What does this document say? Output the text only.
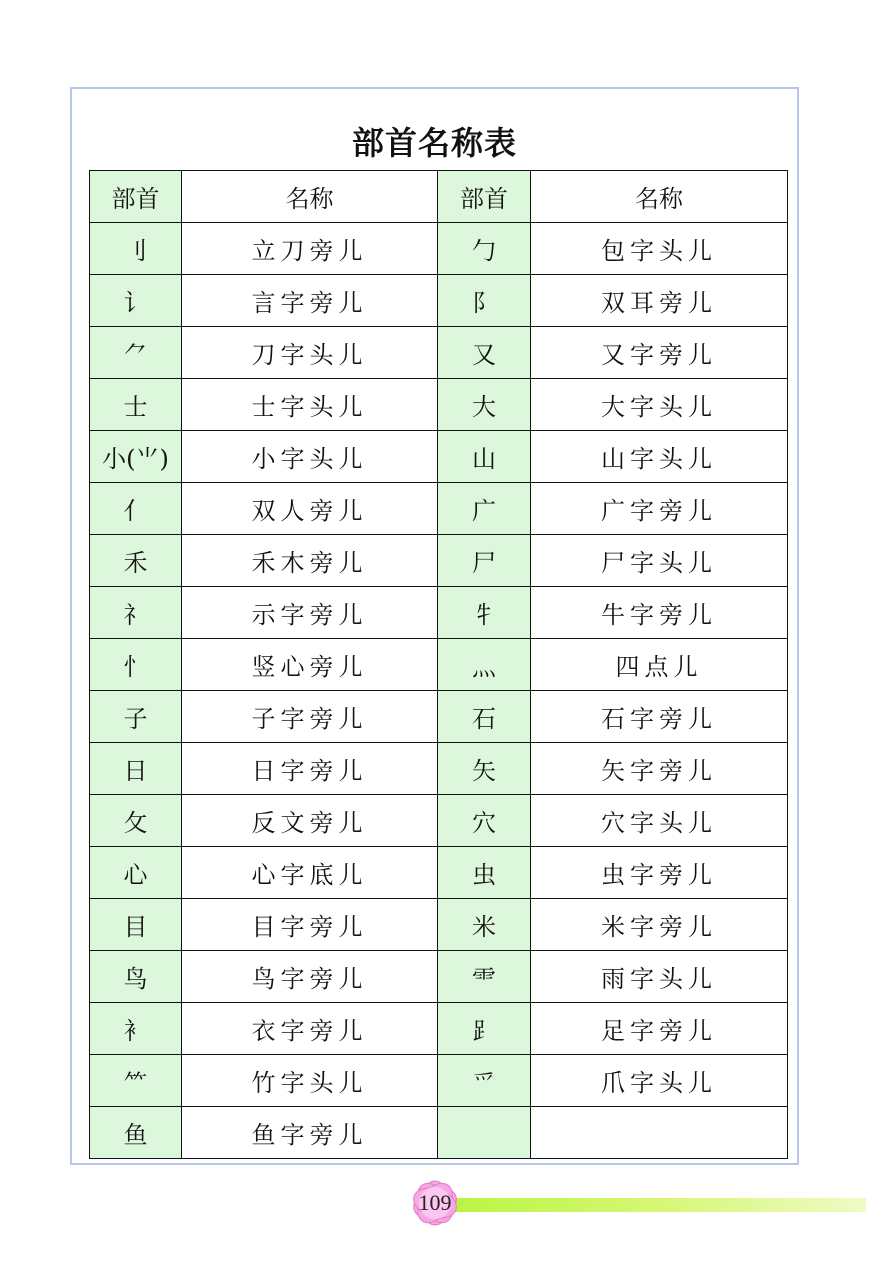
部首名称表
部首	名称	部首	名称
刂	立刀旁儿	勹	包字头儿
讠	言字旁儿	阝	双耳旁儿
⺈	刀字头儿	又	又字旁儿
士	士字头儿	大	大字头儿
小(⺌)	小字头儿	山	山字头儿
亻	双人旁儿	广	广字旁儿
禾	禾木旁儿	尸	尸字头儿
礻	示字旁儿	牜	牛字旁儿
忄	竖心旁儿	灬	四点儿
子	子字旁儿	石	石字旁儿
日	日字旁儿	矢	矢字旁儿
攵	反文旁儿	穴	穴字头儿
心	心字底儿	虫	虫字旁儿
目	目字旁儿	米	米字旁儿
鸟	鸟字旁儿	⻗	雨字头儿
衤	衣字旁儿	⻊	足字旁儿
⺮	竹字头儿	爫	爪字头儿
鱼	鱼字旁儿		
109
